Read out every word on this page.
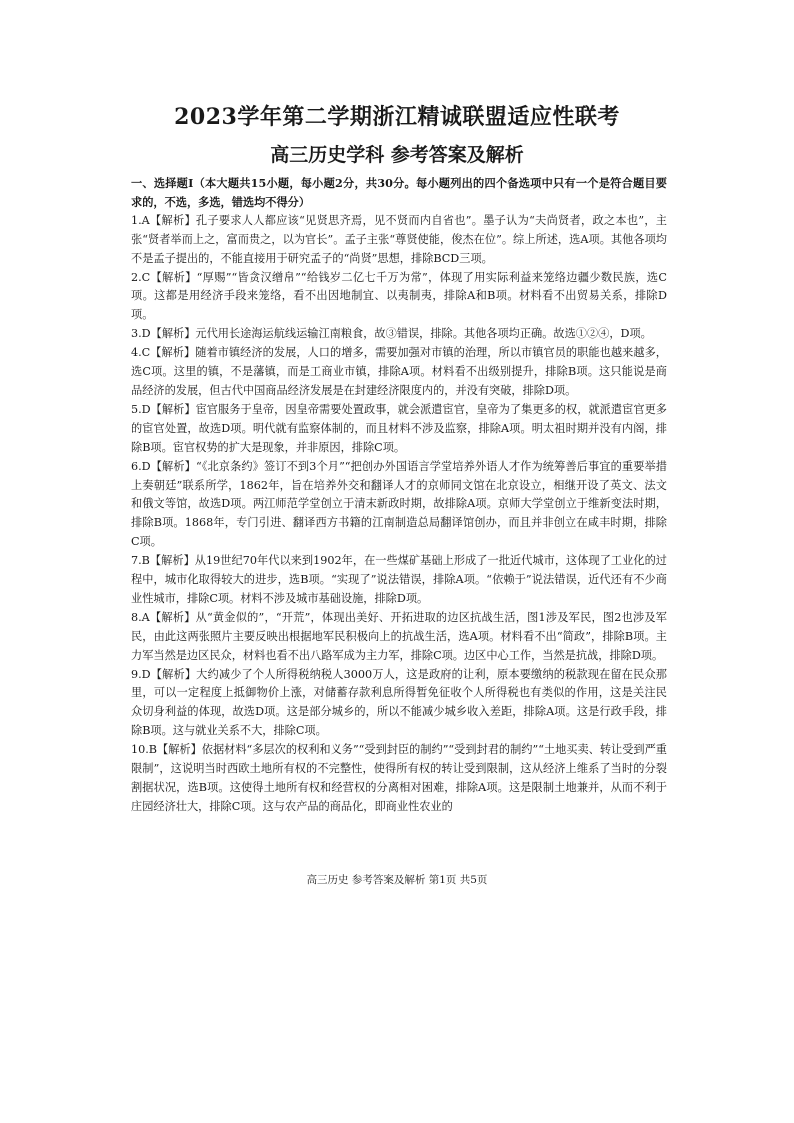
2023学年第二学期浙江精诚联盟适应性联考
高三历史学科 参考答案及解析

一、选择题Ⅰ（本大题共15小题，每小题2分，共30分。每小题列出的四个备选项中只有一个是符合题目要求的，不选，多选，错选均不得分）

1.A【解析】孔子要求人人都应该“见贤思齐焉，见不贤而内自省也”。墨子认为“夫尚贤者，政之本也”，主张“贤者举而上之，富而贵之，以为官长”。孟子主张“尊贤使能，俊杰在位”。综上所述，选A项。其他各项均不是孟子提出的，不能直接用于研究孟子的“尚贤”思想，排除BCD三项。

2.C【解析】“厚赐”“皆贪汉缯帛”“给钱岁二亿七千万为常”，体现了用实际利益来笼络边疆少数民族，选C项。这都是用经济手段来笼络，看不出因地制宜、以夷制夷，排除A和B项。材料看不出贸易关系，排除D项。

3.D【解析】元代用长途海运航线运输江南粮食，故③错误，排除。其他各项均正确。故选①②④，D项。

4.C【解析】随着市镇经济的发展，人口的增多，需要加强对市镇的治理，所以市镇官员的职能也越来越多，选C项。这里的镇，不是藩镇，而是工商业市镇，排除A项。材料看不出级别提升，排除B项。这只能说是商品经济的发展，但古代中国商品经济发展是在封建经济限度内的，并没有突破，排除D项。

5.D【解析】宦官服务于皇帝，因皇帝需要处置政事，就会派遣宦官，皇帝为了集更多的权，就派遣宦官更多的宦官处置，故选D项。明代就有监察体制的，而且材料不涉及监察，排除A项。明太祖时期并没有内阁，排除B项。宦官权势的扩大是现象，并非原因，排除C项。

6.D【解析】“《北京条约》签订不到3个月”“把创办外国语言学堂培养外语人才作为统筹善后事宜的重要举措上奏朝廷”联系所学，1862年，旨在培养外交和翻译人才的京师同文馆在北京设立，相继开设了英文、法文和俄文等馆，故选D项。两江师范学堂创立于清末新政时期，故排除A项。京师大学堂创立于维新变法时期，排除B项。1868年，专门引进、翻译西方书籍的江南制造总局翻译馆创办，而且并非创立在咸丰时期，排除C项。

7.B【解析】从19世纪70年代以来到1902年，在一些煤矿基础上形成了一批近代城市，这体现了工业化的过程中，城市化取得较大的进步，选B项。“实现了”说法错误，排除A项。“依赖于”说法错误，近代还有不少商业性城市，排除C项。材料不涉及城市基础设施，排除D项。

8.A【解析】从“黄金似的”，“开荒”，体现出美好、开拓进取的边区抗战生活，图1涉及军民，图2也涉及军民，由此这两张照片主要反映出根据地军民积极向上的抗战生活，选A项。材料看不出“简政”，排除B项。主力军当然是边区民众，材料也看不出八路军成为主力军，排除C项。边区中心工作，当然是抗战，排除D项。

9.D【解析】大约减少了个人所得税纳税人3000万人，这是政府的让利，原本要缴纳的税款现在留在民众那里，可以一定程度上抵御物价上涨，对储蓄存款利息所得暂免征收个人所得税也有类似的作用，这是关注民众切身利益的体现，故选D项。这是部分城乡的，所以不能减少城乡收入差距，排除A项。这是行政手段，排除B项。这与就业关系不大，排除C项。

10.B【解析】依据材料“多层次的权利和义务”“受到封臣的制约”“受到封君的制约”“土地买卖、转让受到严重限制”，这说明当时西欧土地所有权的不完整性，使得所有权的转让受到限制，这从经济上维系了当时的分裂割据状况，选B项。这使得土地所有权和经营权的分离相对困难，排除A项。这是限制土地兼并，从而不利于庄园经济壮大，排除C项。这与农产品的商品化，即商业性农业的

高三历史 参考答案及解析 第1页 共5页
